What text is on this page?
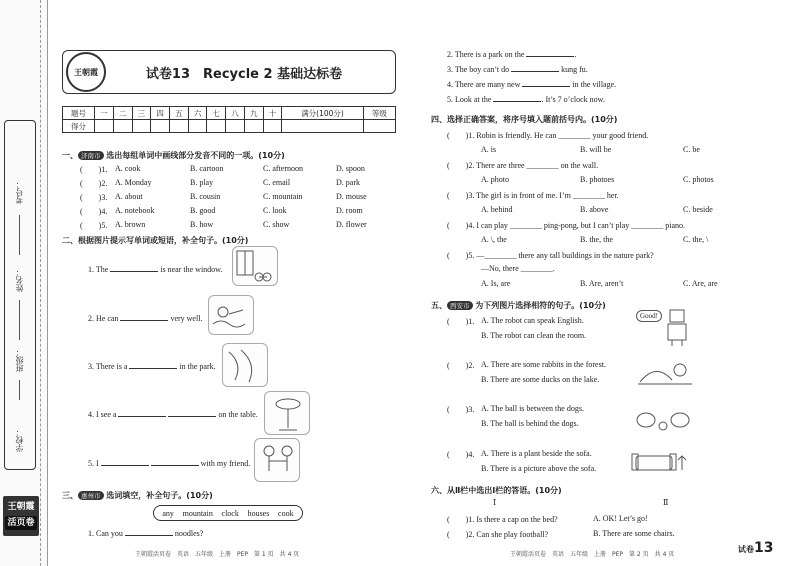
考号：
姓名：
班级：
学校：
王朝霞
活页卷
试卷13　Recycle 2 基础达标卷
王朝霞
题号	一	二	三	四	五	六	七	八	九	十	满分(100分)	等级
得分												
一、 济南市 选出每组单词中画线部分发音不同的一项。(10分)
(　　)1. A. cook	B. cartoon	C. afternoon	D. spoon
(　　)2. A. Monday	B. play	C. email	D. park
(　　)3. A. about	B. cousin	C. mountain	D. mouse
(　　)4. A. notebook	B. good	C. look	D. room
(　　)5. A. brown	B. how	C. show	D. flower
二、根据图片提示写单词或短语，补全句子。(10分)
1. The	is near the window.
2. He can	very well.
3. There is a	in the park.
4. I see a	on the table.
5. I	with my friend.
三、 惠州市 选词填空，补全句子。(10分)
any mountain clock houses cook
1. Can you	noodles?
王朝霞活页卷　英语　五年级　上册　PEP　第 1 页　共 4 页
2. There is a park on the	.
3. The boy can’t do	kung fu.
4. There are many new	in the village.
5. Look at the	. It’s 7 o’clock now.
四、选择正确答案，将序号填入题前括号内。(10分)
(　　)1. Robin is friendly. He can ________ your good friend.
A. is	B. will be	C. be
(　　)2. There are three ________ on the wall.
A. photo	B. photoes	C. photos
(　　)3. The girl is in front of me. I’m ________ her.
A. behind	B. above	C. beside
(　　)4. I can play ________ ping-pong, but I can’t play ________ piano.
A. \, the	B. the, the	C. the, \
(　　)5. —________ there any tall buildings in the nature park?
—No, there ________.
A. Is, are	B. Are, aren’t	C. Are, are
五、 西安市 为下列图片选择相符的句子。(10分)
(　　)1. A. The robot can speak English.
B. The robot can clean the room.
(　　)2. A. There are some rabbits in the forest.
B. There are some ducks on the lake.
(　　)3. A. The ball is between the dogs.
B. The ball is behind the dogs.
(　　)4. A. There is a plant beside the sofa.
B. There is a picture above the sofa.
Good!
六、从Ⅱ栏中选出Ⅰ栏的答语。(10分)
Ⅰ	Ⅱ
(　　)1. Is there a cap on the bed?	A. OK! Let’s go!
(　　)2. Can she play football?	B. There are some chairs.
王朝霞活页卷　英语　五年级　上册　PEP　第 2 页　共 4 页
试卷13
